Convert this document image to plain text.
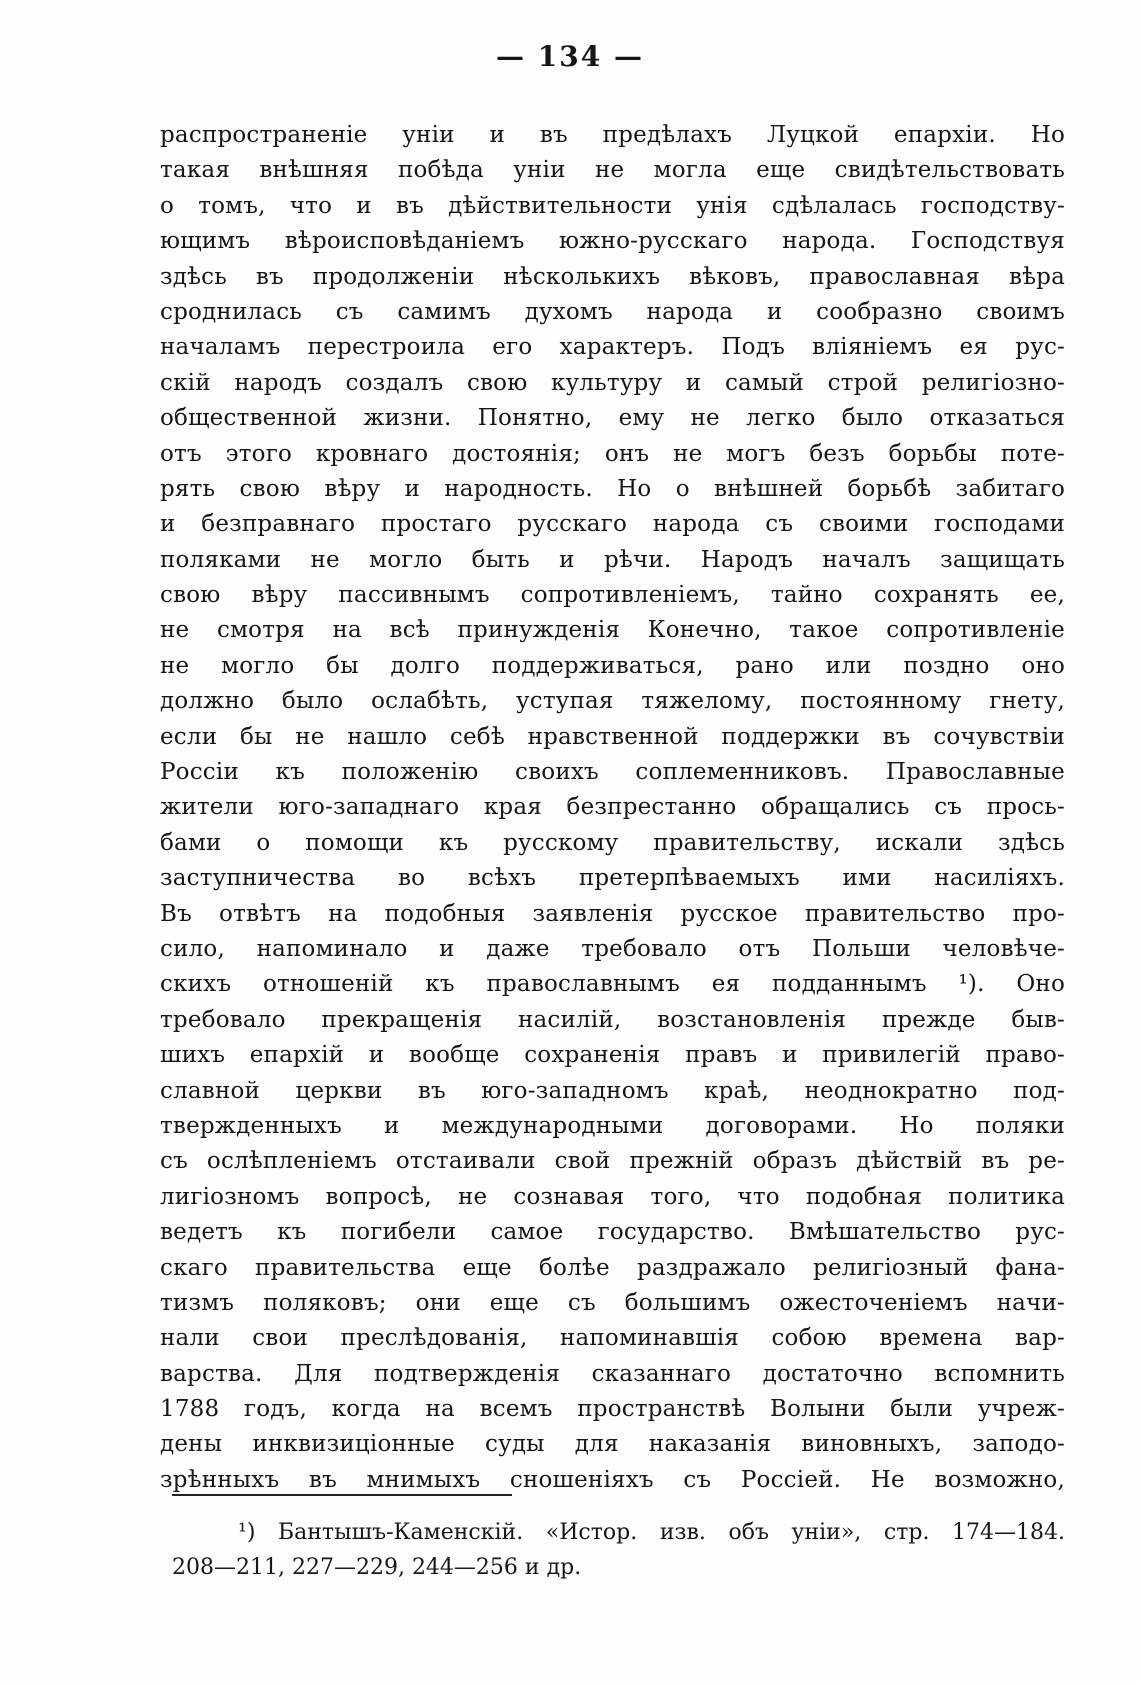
— 134 —
распространеніе уніи и въ предѣлахъ Луцкой епархіи. Но
такая внѣшняя побѣда уніи не могла еще свидѣтельствовать
о томъ, что и въ дѣйствительности унія сдѣлалась господству-
ющимъ вѣроисповѣданіемъ южно-русскаго народа. Господствуя
здѣсь въ продолженіи нѣсколькихъ вѣковъ, православная вѣра
сроднилась съ самимъ духомъ народа и сообразно своимъ
началамъ перестроила его характеръ. Подъ вліяніемъ ея рус-
скій народъ создалъ свою культуру и самый строй религіозно-
общественной жизни. Понятно, ему не легко было отказаться
отъ этого кровнаго достоянія; онъ не могъ безъ борьбы поте-
рять свою вѣру и народность. Но о внѣшней борьбѣ забитаго
и безправнаго простаго русскаго народа съ своими господами
поляками не могло быть и рѣчи. Народъ началъ защищать
свою вѣру пассивнымъ сопротивленіемъ, тайно сохранять ее,
не смотря на всѣ принужденія Конечно, такое сопротивленіе
не могло бы долго поддерживаться, рано или поздно оно
должно было ослабѣть, уступая тяжелому, постоянному гнету,
если бы не нашло себѣ нравственной поддержки въ сочувствіи
Россіи къ положенію своихъ соплеменниковъ. Православные
жители юго-западнаго края безпрестанно обращались съ прось-
бами о помощи къ русскому правительству, искали здѣсь
заступничества во всѣхъ претерпѣваемыхъ ими насиліяхъ.
Въ отвѣтъ на подобныя заявленія русское правительство про-
сило, напоминало и даже требовало отъ Польши человѣче-
скихъ отношеній къ православнымъ ея подданнымъ ¹). Оно
требовало прекращенія насилій, возстановленія прежде быв-
шихъ епархій и вообще сохраненія правъ и привилегій право-
славной церкви въ юго-западномъ краѣ, неоднократно под-
твержденныхъ и международными договорами. Но поляки
съ ослѣпленіемъ отстаивали свой прежній образъ дѣйствій въ ре-
лигіозномъ вопросѣ, не сознавая того, что подобная политика
ведетъ къ погибели самое государство. Вмѣшательство рус-
скаго правительства еще болѣе раздражало религіозный фана-
тизмъ поляковъ; они еще съ большимъ ожесточеніемъ начи-
нали свои преслѣдованія, напоминавшія собою времена вар-
варства. Для подтвержденія сказаннаго достаточно вспомнить
1788 годъ, когда на всемъ пространствѣ Волыни были учреж-
дены инквизиціонные суды для наказанія виновныхъ, заподо-
зрѣнныхъ въ мнимыхъ сношеніяхъ съ Россіей. Не возможно,
¹) Бантышъ-Каменскій. «Истор. изв. объ уніи», стр. 174—184.
208—211, 227—229, 244—256 и др.
